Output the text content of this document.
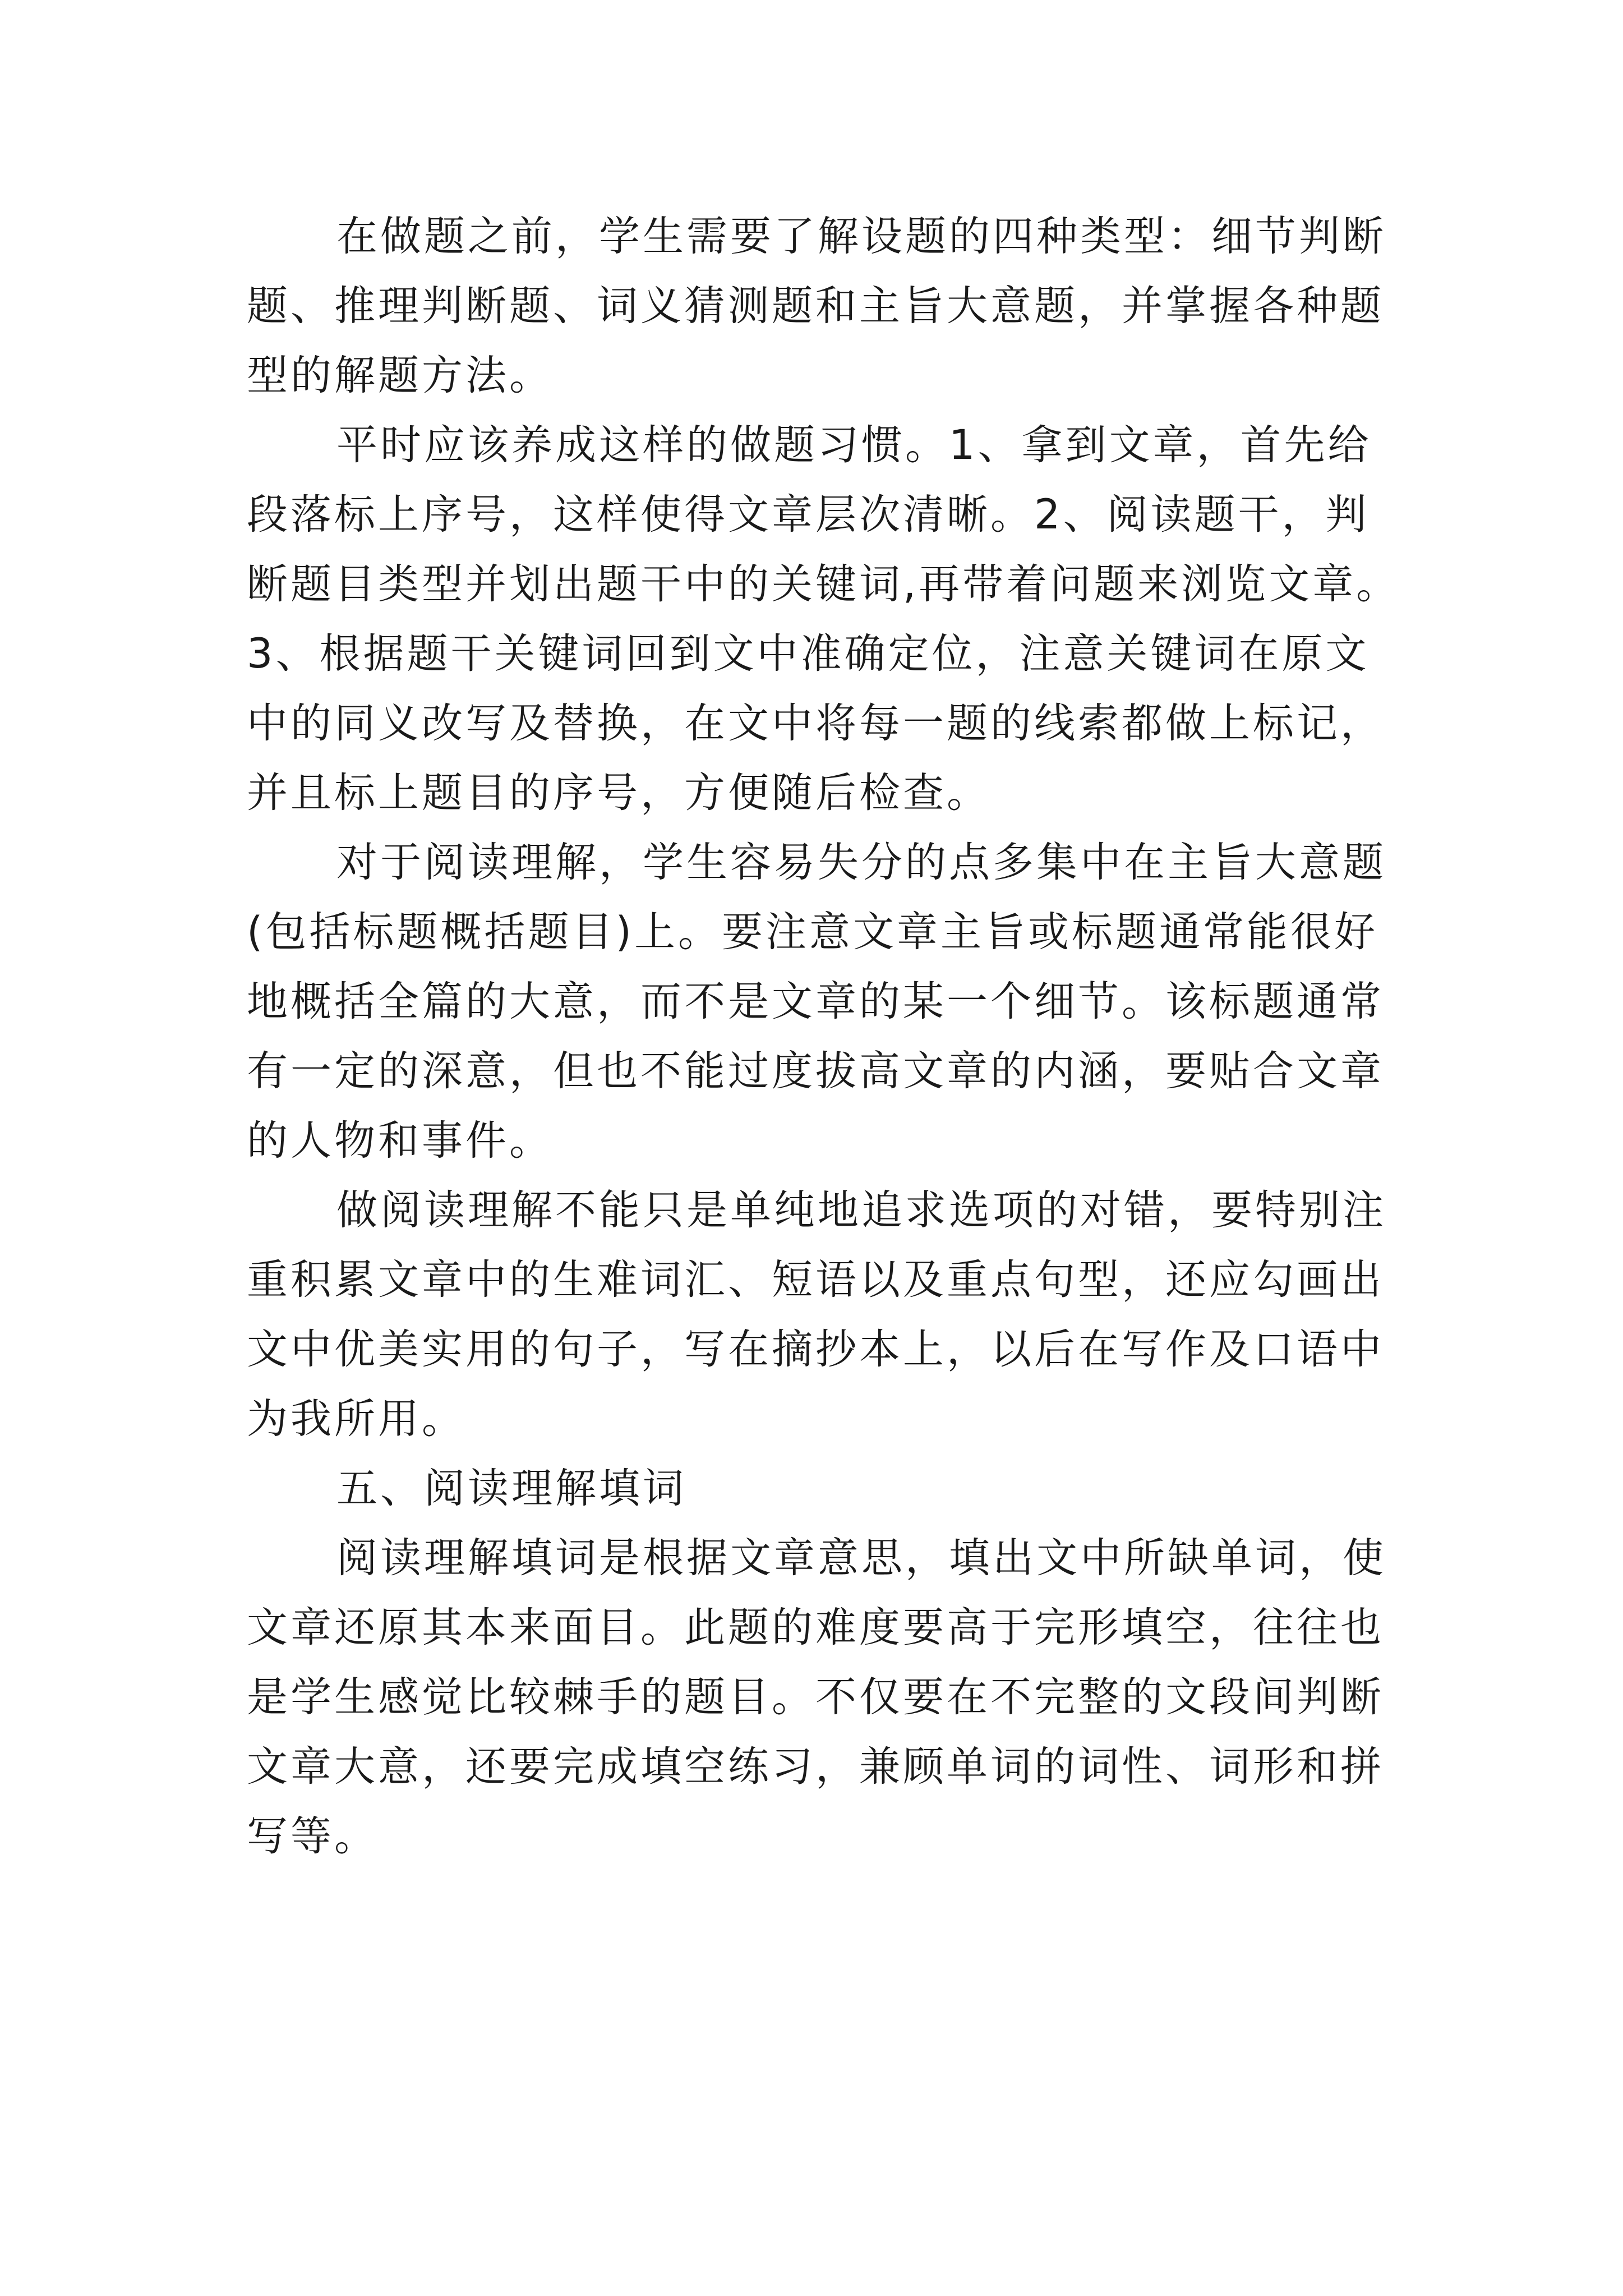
在做题之前，学生需要了解设题的四种类型：细节判断
题、推理判断题、词义猜测题和主旨大意题，并掌握各种题
型的解题方法。
平时应该养成这样的做题习惯。1、拿到文章，首先给
段落标上序号，这样使得文章层次清晰。2、阅读题干，判
断题目类型并划出题干中的关键词,再带着问题来浏览文章。
3、根据题干关键词回到文中准确定位，注意关键词在原文
中的同义改写及替换，在文中将每一题的线索都做上标记，
并且标上题目的序号，方便随后检查。
对于阅读理解，学生容易失分的点多集中在主旨大意题
(包括标题概括题目)上。要注意文章主旨或标题通常能很好
地概括全篇的大意，而不是文章的某一个细节。该标题通常
有一定的深意，但也不能过度拔高文章的内涵，要贴合文章
的人物和事件。
做阅读理解不能只是单纯地追求选项的对错，要特别注
重积累文章中的生难词汇、短语以及重点句型，还应勾画出
文中优美实用的句子，写在摘抄本上，以后在写作及口语中
为我所用。
五、阅读理解填词
阅读理解填词是根据文章意思，填出文中所缺单词，使
文章还原其本来面目。此题的难度要高于完形填空，往往也
是学生感觉比较棘手的题目。不仅要在不完整的文段间判断
文章大意，还要完成填空练习，兼顾单词的词性、词形和拼
写等。
